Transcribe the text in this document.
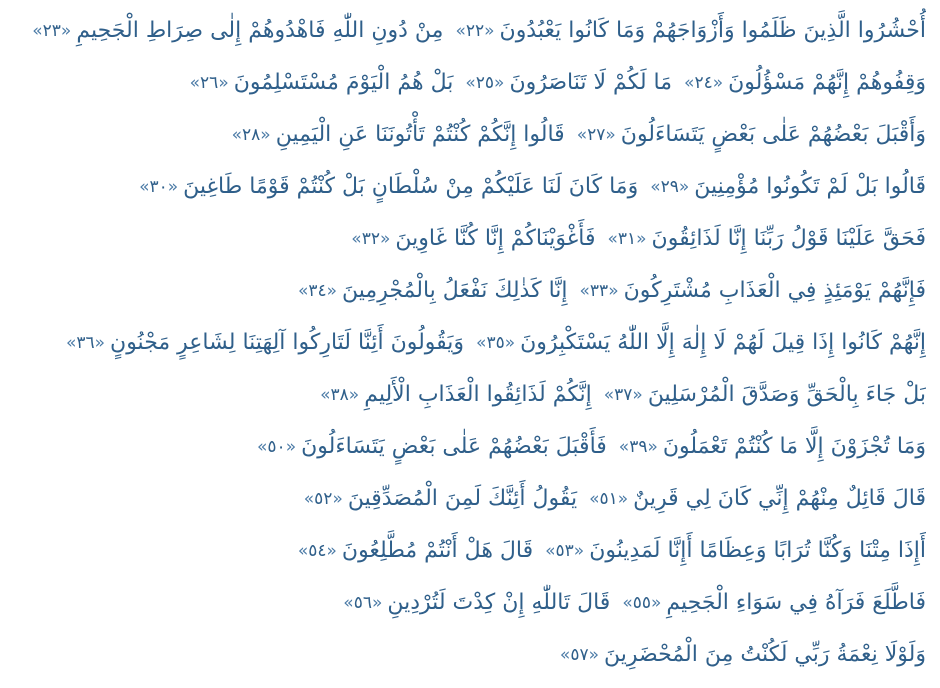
أُحْشُرُوا الَّذِينَ ظَلَمُوا وَأَزْوَاجَهُمْ وَمَا كَانُوا يَعْبُدُونَ«٢٢»مِنْ دُونِ اللّٰهِ فَاهْدُوهُمْ إِلٰى صِرَاطِ الْجَحِيمِ«٢٣»
وَقِفُوهُمْ إِنَّهُمْ مَسْؤُلُونَ«٢٤»مَا لَكُمْ لَا تَنَاصَرُونَ«٢٥»بَلْ هُمُ الْيَوْمَ مُسْتَسْلِمُونَ«٢٦»
وَأَقْبَلَ بَعْضُهُمْ عَلٰى بَعْضٍ يَتَسَاءَلُونَ«٢٧»قَالُوا إِنَّكُمْ كُنْتُمْ تَأْتُونَنَا عَنِ الْيَمِينِ«٢٨»
قَالُوا بَلْ لَمْ تَكُونُوا مُؤْمِنِينَ«٢٩»وَمَا كَانَ لَنَا عَلَيْكُمْ مِنْ سُلْطَانٍ بَلْ كُنْتُمْ قَوْمًا طَاغِينَ«٣٠»
فَحَقَّ عَلَيْنَا قَوْلُ رَبِّنَا إِنَّا لَذَائِقُونَ«٣١»فَأَغْوَيْنَاكُمْ إِنَّا كُنَّا غَاوِينَ«٣٢»
فَإِنَّهُمْ يَوْمَئِذٍ فِي الْعَذَابِ مُشْتَرِكُونَ«٣٣»إِنَّا كَذٰلِكَ نَفْعَلُ بِالْمُجْرِمِينَ«٣٤»
إِنَّهُمْ كَانُوا إِذَا قِيلَ لَهُمْ لَا إِلٰهَ إِلَّا اللّٰهُ يَسْتَكْبِرُونَ«٣٥»وَيَقُولُونَ أَئِنَّا لَتَارِكُوا آلِهَتِنَا لِشَاعِرٍ مَجْنُونٍ«٣٦»
بَلْ جَاءَ بِالْحَقِّ وَصَدَّقَ الْمُرْسَلِينَ«٣٧»إِنَّكُمْ لَذَائِقُوا الْعَذَابِ الْأَلِيمِ«٣٨»
وَمَا تُجْزَوْنَ إِلَّا مَا كُنْتُمْ تَعْمَلُونَ«٣٩»فَأَقْبَلَ بَعْضُهُمْ عَلٰى بَعْضٍ يَتَسَاءَلُونَ«٥٠»
قَالَ قَائِلٌ مِنْهُمْ إِنِّي كَانَ لِي قَرِينٌ«٥١»يَقُولُ أَئِنَّكَ لَمِنَ الْمُصَدِّقِينَ«٥٢»
أَإِذَا مِتْنَا وَكُنَّا تُرَابًا وَعِظَامًا أَإِنَّا لَمَدِينُونَ«٥٣»قَالَ هَلْ أَنْتُمْ مُطَّلِعُونَ«٥٤»
فَاطَّلَعَ فَرَآهُ فِي سَوَاءِ الْجَحِيمِ«٥٥»قَالَ تَاللّٰهِ إِنْ كِدْتَ لَتُرْدِينِ«٥٦»
وَلَوْلَا نِعْمَةُ رَبِّي لَكُنْتُ مِنَ الْمُحْضَرِينَ«٥٧»
